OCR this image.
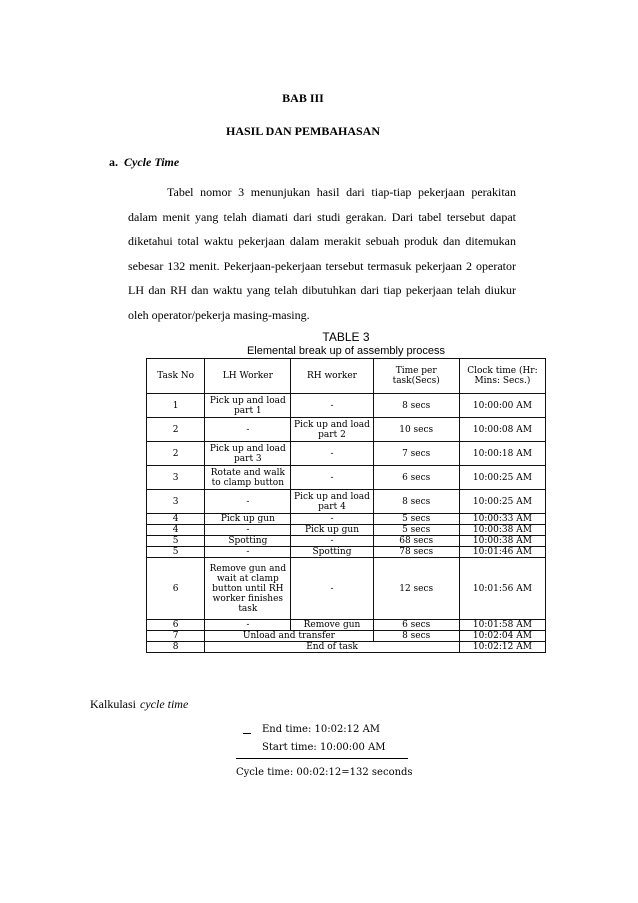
BAB III
HASIL DAN PEMBAHASAN
a. Cycle Time
Tabel nomor 3 menunjukan hasil dari tiap-tiap pekerjaan perakitan dalam menit yang telah diamati dari studi gerakan. Dari tabel tersebut dapat diketahui total waktu pekerjaan dalam merakit sebuah produk dan ditemukan sebesar 132 menit. Pekerjaan-pekerjaan tersebut termasuk pekerjaan 2 operator LH dan RH dan waktu yang telah dibutuhkan dari tiap pekerjaan telah diukur oleh operator/pekerja masing-masing.
TABLE 3
Elemental break up of assembly process
Task No	LH Worker	RH worker	Time per task(Secs)	Clock time (Hr: Mins: Secs.)
1	Pick up and load part 1	-	8 secs	10:00:00 AM
2	-	Pick up and load part 2	10 secs	10:00:08 AM
2	Pick up and load part 3	-	7 secs	10:00:18 AM
3	Rotate and walk to clamp button	-	6 secs	10:00:25 AM
3	-	Pick up and load part 4	8 secs	10:00:25 AM
4	Pick up gun	-	5 secs	10:00:33 AM
4	-	Pick up gun	5 secs	10:00:38 AM
5	Spotting	-	68 secs	10:00:38 AM
5	-	Spotting	78 secs	10:01:46 AM
6	Remove gun and wait at clamp button until RH worker finishes task	-	12 secs	10:01:56 AM
6	-	Remove gun	6 secs	10:01:58 AM
7	Unload and transfer		8 secs	10:02:04 AM
8	End of task			10:02:12 AM
Kalkulasi cycle time
End time: 10:02:12 AM
Start time: 10:00:00 AM
Cycle time: 00:02:12=132 seconds
